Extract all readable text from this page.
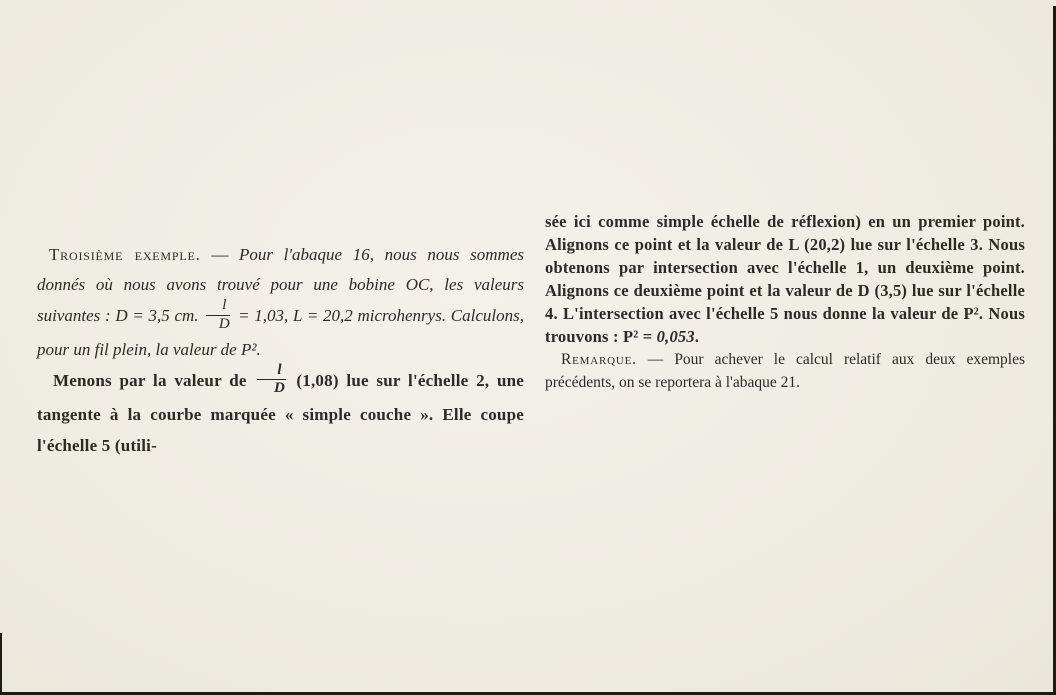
Troisième exemple. — Pour l'abaque 16, nous nous sommes donnés où nous avons trouvé pour une bobine OC, les valeurs suivantes : D = 3,5 cm. $\frac{l}{D} = 1,03$, L = 20,2 microhenrys. Calculons, pour un fil plein, la valeur de P².

Menons par la valeur de $\frac{l}{D} (1,08)$ lue sur l'échelle 2, une tangente à la courbe marquée « simple couche ». Elle coupe l'échelle 5 (utili-

sée ici comme simple échelle de réflexion) en un premier point. Alignons ce point et la valeur de L (20,2) lue sur l'échelle 3. Nous obtenons par intersection avec l'échelle 1, un deuxième point. Alignons ce deuxième point et la valeur de D (3,5) lue sur l'échelle 4. L'intersection avec l'échelle 5 nous donne la valeur de P². Nous trouvons : P² = 0,053.

Remarque. — Pour achever le calcul relatif aux deux exemples précédents, on se reportera à l'abaque 21.
